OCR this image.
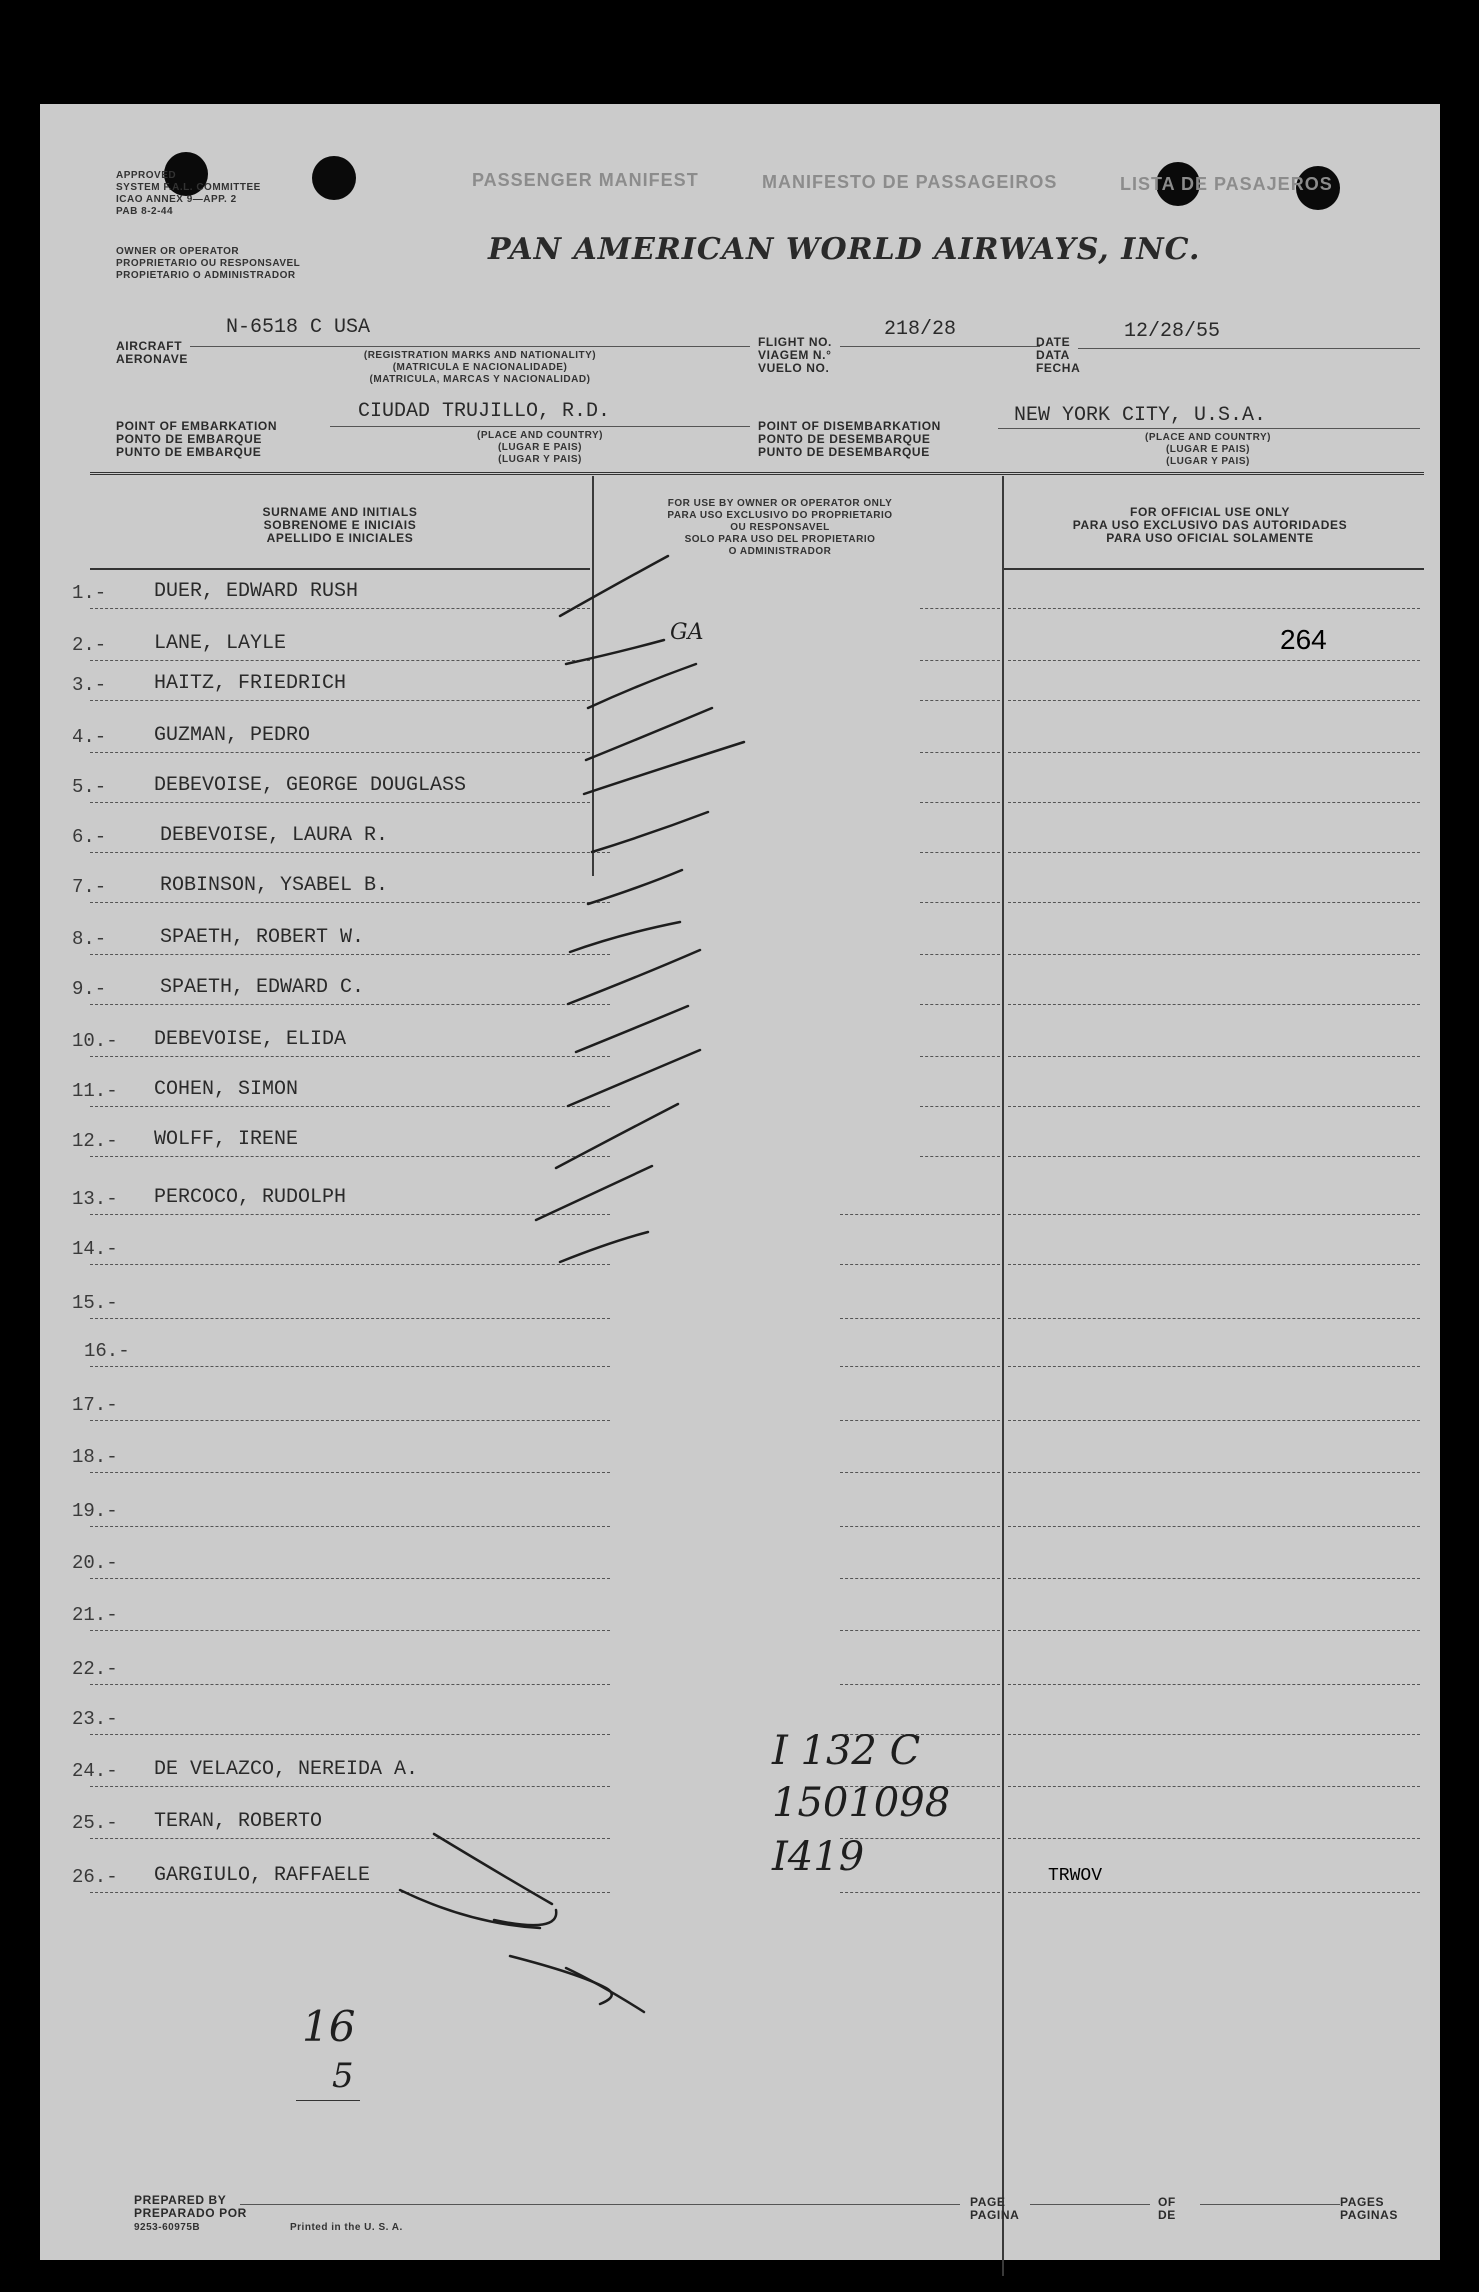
APPROVED
SYSTEM F.A.L. COMMITTEE
ICAO ANNEX 9—APP. 2
PAB 8-2-44
PASSENGER MANIFEST	MANIFESTO DE PASSAGEIROS	LISTA DE PASAJEROS
OWNER OR OPERATOR
PROPRIETARIO OU RESPONSAVEL
PROPIETARIO O ADMINISTRADOR
PAN AMERICAN WORLD AIRWAYS, INC.
AIRCRAFT
AERONAVE
N-6518 C USA
(REGISTRATION MARKS AND NATIONALITY)
(MATRICULA E NACIONALIDADE)
(MATRICULA, MARCAS Y NACIONALIDAD)
FLIGHT NO.
VIAGEM N.°
VUELO NO.
218/28
DATE
DATA
FECHA
12/28/55
POINT OF EMBARKATION
PONTO DE EMBARQUE
PUNTO DE EMBARQUE
CIUDAD TRUJILLO, R.D.
(PLACE AND COUNTRY)
(LUGAR E PAIS)
(LUGAR Y PAIS)
POINT OF DISEMBARKATION
PONTO DE DESEMBARQUE
PUNTO DE DESEMBARQUE
NEW YORK CITY, U.S.A.
(PLACE AND COUNTRY)
(LUGAR E PAIS)
(LUGAR Y PAIS)
SURNAME AND INITIALS
SOBRENOME E INICIAIS
APELLIDO E INICIALES
FOR USE BY OWNER OR OPERATOR ONLY
PARA USO EXCLUSIVO DO PROPRIETARIO
OU RESPONSAVEL
SOLO PARA USO DEL PROPIETARIO
O ADMINISTRADOR
FOR OFFICIAL USE ONLY
PARA USO EXCLUSIVO DAS AUTORIDADES
PARA USO OFICIAL SOLAMENTE
1.- DUER, EDWARD RUSH
2.- LANE, LAYLE	GA	264
3.- HAITZ, FRIEDRICH
4.- GUZMAN, PEDRO
5.- DEBEVOISE, GEORGE DOUGLASS
6.-	DEBEVOISE, LAURA R.
7.-	ROBINSON, YSABEL B.
8.-	SPAETH, ROBERT W.
9.-	SPAETH, EDWARD C.
10.- DEBEVOISE, ELIDA
11.- COHEN, SIMON
12.- WOLFF, IRENE
13.- PERCOCO, RUDOLPH
14.-
15.-
16.-
17.-
18.-
19.-
20.-
21.-
22.-
23.-
24.- DE VELAZCO, NEREIDA A.	I 132 C
25.- TERAN, ROBERTO	1501098
26.- GARGIULO, RAFFAELE	I419	TRWOV
16
5
PREPARED BY
PREPARADO POR
9253-60975B	Printed in the U. S. A.
PAGE
PAGINA
OF
DE
PAGES
PAGINAS
